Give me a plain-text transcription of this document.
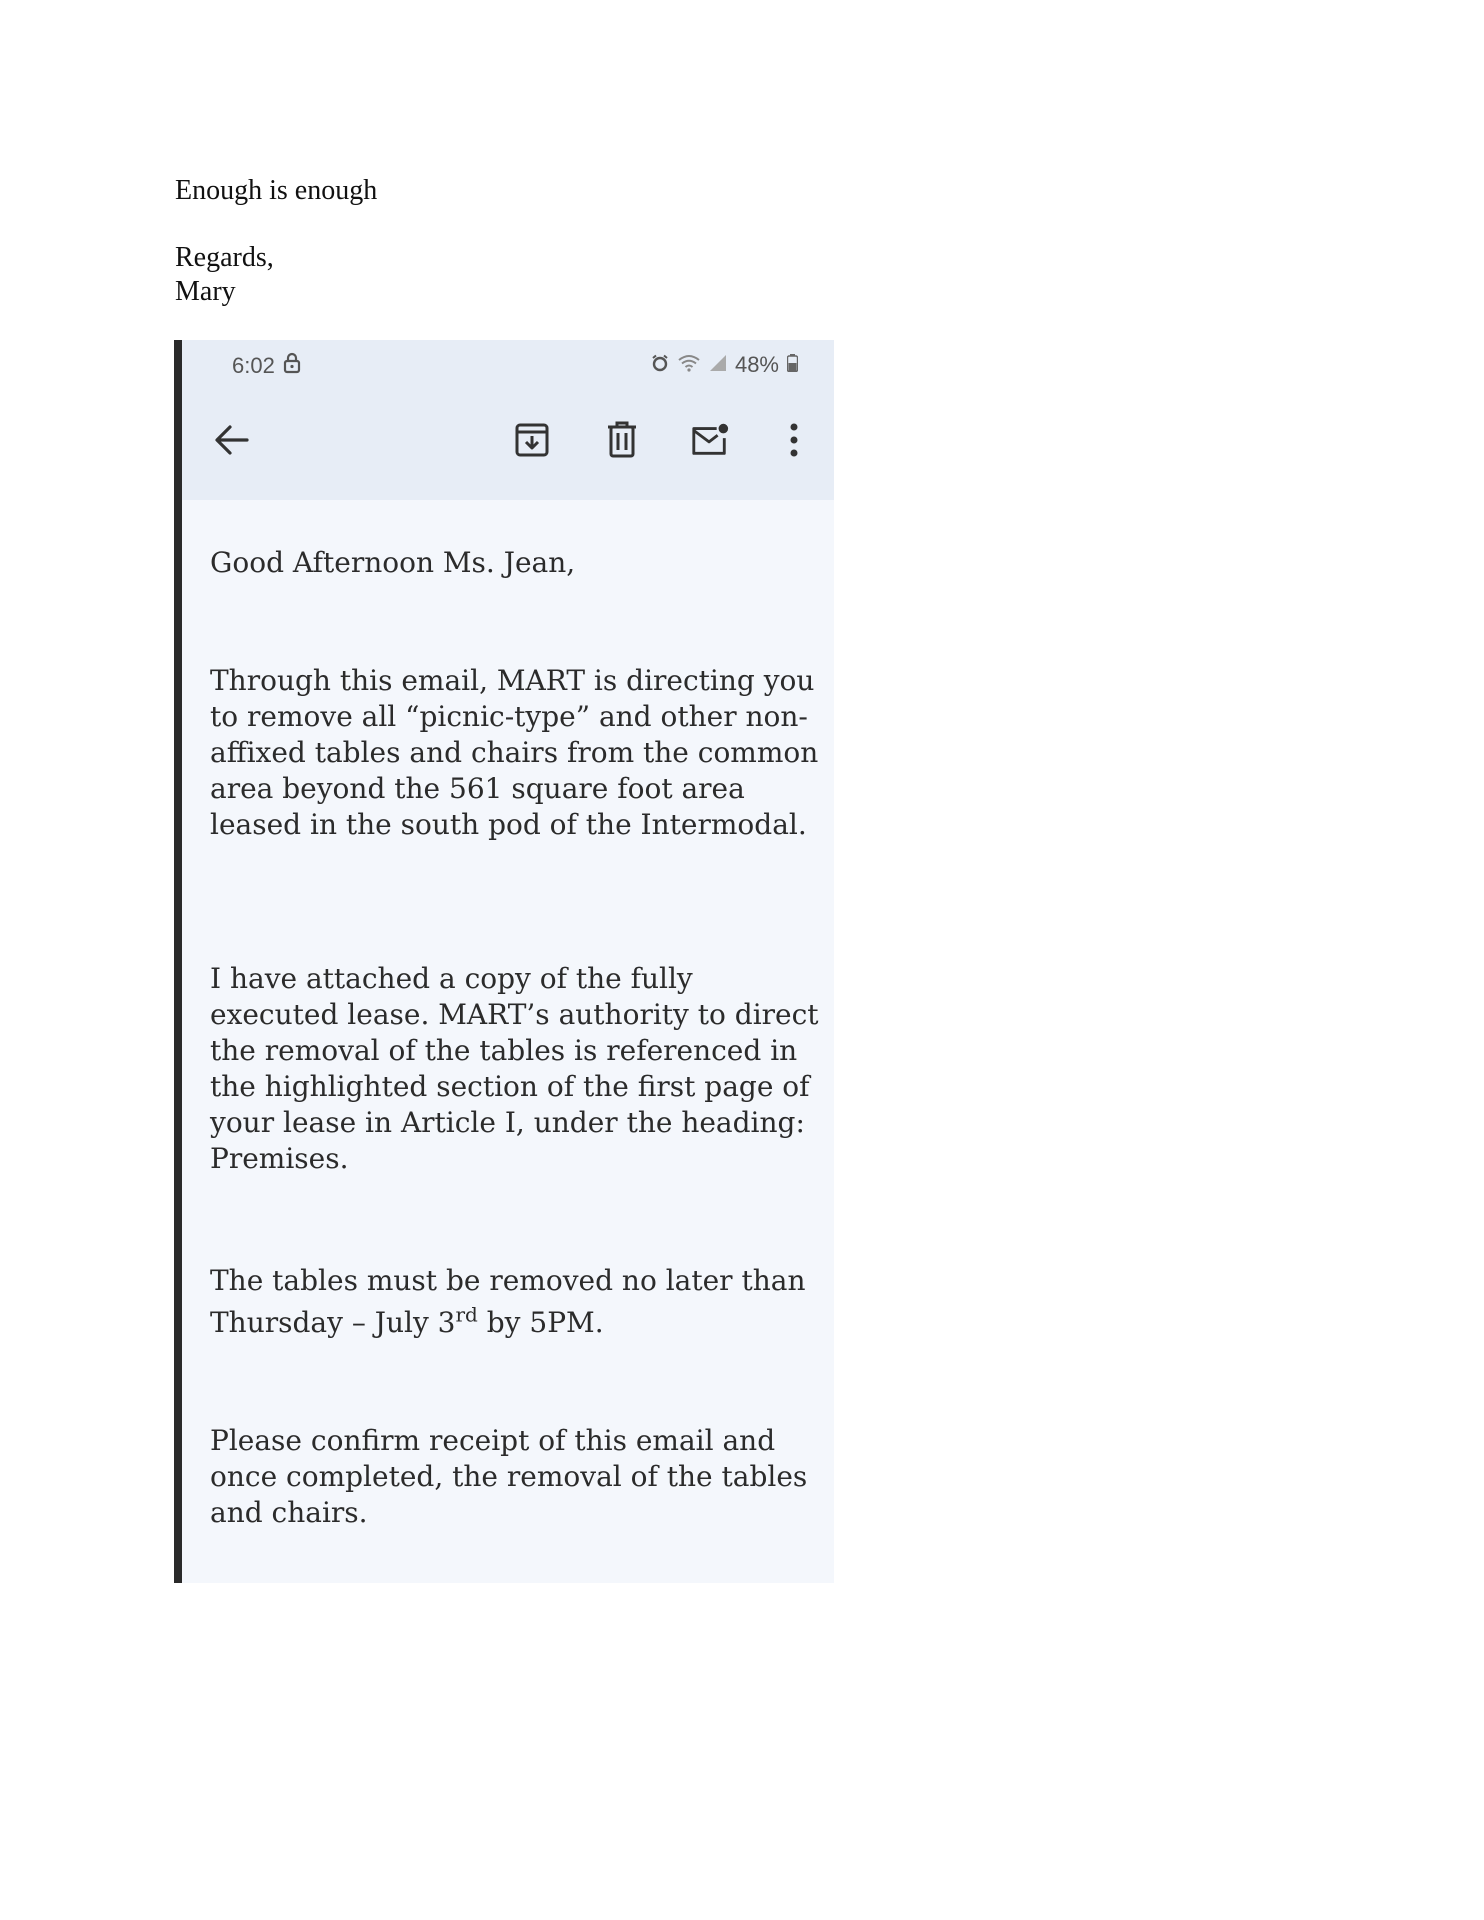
Enough is enough
Regards,
Mary
6:02	48%

Good Afternoon Ms. Jean,

Through this email, MART is directing you to remove all “picnic-type” and other non-affixed tables and chairs from the common area beyond the 561 square foot area leased in the south pod of the Intermodal.

I have attached a copy of the fully executed lease. MART’s authority to direct the removal of the tables is referenced in the highlighted section of the first page of your lease in Article I, under the heading: Premises.

The tables must be removed no later than Thursday – July 3rd by 5PM.

Please confirm receipt of this email and once completed, the removal of the tables and chairs.
